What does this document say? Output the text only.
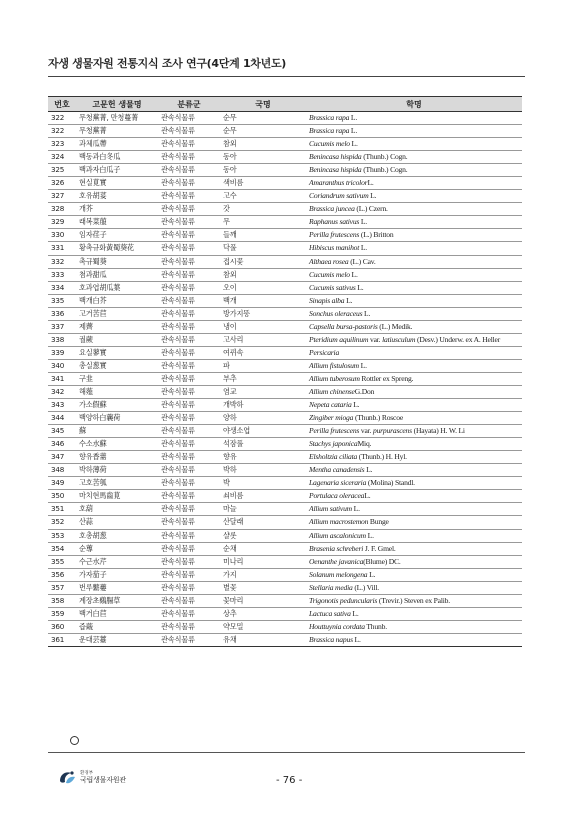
자생 생물자원 전통지식 조사 연구(4단계 1차년도)
번호	고문헌 생물명	분류군	국명	학명
322	무청蕪菁, 만청蔓菁	관속식물류	순무	Brassica rapa L.
322	무청蕪菁	관속식물류	순무	Brassica rapa L.
323	과체瓜蔕	관속식물류	참외	Cucumis melo L.
324	백동과白冬瓜	관속식물류	동아	Benincasa hispida (Thunb.) Cogn.
325	백과자白瓜子	관속식물류	동아	Benincasa hispida (Thunb.) Cogn.
326	현실莧實	관속식물류	색비름	Amaranthus tricolorL.
327	호유胡荽	관속식물류	고수	Coriandrum sativum L.
328	개芥	관속식물류	갓	Brassica juncea (L.) Czern.
329	래복菜菔	관속식물류	무	Raphanus sativus L.
330	임자荏子	관속식물류	들깨	Perilla frutescens (L.) Britton
331	황촉규화黃蜀葵花	관속식물류	닥풀	Hibiscus manihot L.
332	촉규蜀葵	관속식물류	접시꽃	Althaea rosea (L.) Cav.
333	첨과甜瓜	관속식물류	참외	Cucumis melo L.
334	호과엽胡瓜葉	관속식물류	오이	Cucumis sativus L.
335	백개白芥	관속식물류	백개	Sinapis alba L.
336	고거苦苣	관속식물류	방가지똥	Sonchus oleraceus L.
337	제薺	관속식물류	냉이	Capsella bursa-pastoris (L.) Medik.
338	궐蕨	관속식물류	고사리	Pteridium aquilinum var. latiusculum (Desv.) Underw. ex A. Heller
339	요실蓼實	관속식물류	여뀌속	Persicaria
340	총실葱實	관속식물류	파	Allium fistulosum L.
341	구韭	관속식물류	부추	Allium tuberosum Rottler ex Spreng.
342	해薤	관속식물류	염교	Allium chinenseG.Don
343	가소假蘇	관속식물류	개박하	Nepeta cataria L.
344	백양하白蘘荷	관속식물류	양하	Zingiber mioga (Thunb.) Roscoe
345	蘇	관속식물류	야생소엽	Perilla frutescens var. purpurascens (Hayata) H. W. Li
346	수소水蘇	관속식물류	석잠풀	Stachys japonicaMiq.
347	향유香薷	관속식물류	향유	Elsholtzia ciliata (Thunb.) H. Hyl.
348	박하薄荷	관속식물류	박하	Mentha canadensis L.
349	고호苦瓠	관속식물류	박	Lagenaria siceraria (Molina) Standl.
350	마치현馬齒莧	관속식물류	쇠비름	Portulaca oleraceaL.
351	호葫	관속식물류	마늘	Allium sativum L.
352	산蒜	관속식물류	산달래	Allium macrostemon Bunge
353	호총胡葱	관속식물류	샬롯	Allium ascalonicum L.
354	순蓴	관속식물류	순채	Brasenia schreberi J. F. Gmel.
355	수근水芹	관속식물류	미나리	Oenanthe javanica(Blume) DC.
356	가자茄子	관속식물류	가지	Solanum melongena L.
357	번루蘩蔞	관속식물류	별꽃	Stellaria media (L.) Vill.
358	계장초鷄腸草	관속식물류	꽃마리	Trigonotis peduncularis (Trevir.) Steven ex Palib.
359	백거白苣	관속식물류	상추	Lactuca sativa L.
360	즙蕺	관속식물류	약모밀	Houttuynia cordata Thunb.
361	운대芸薹	관속식물류	유채	Brassica napus L.
환경부
국립생물자원관	- 76 -
